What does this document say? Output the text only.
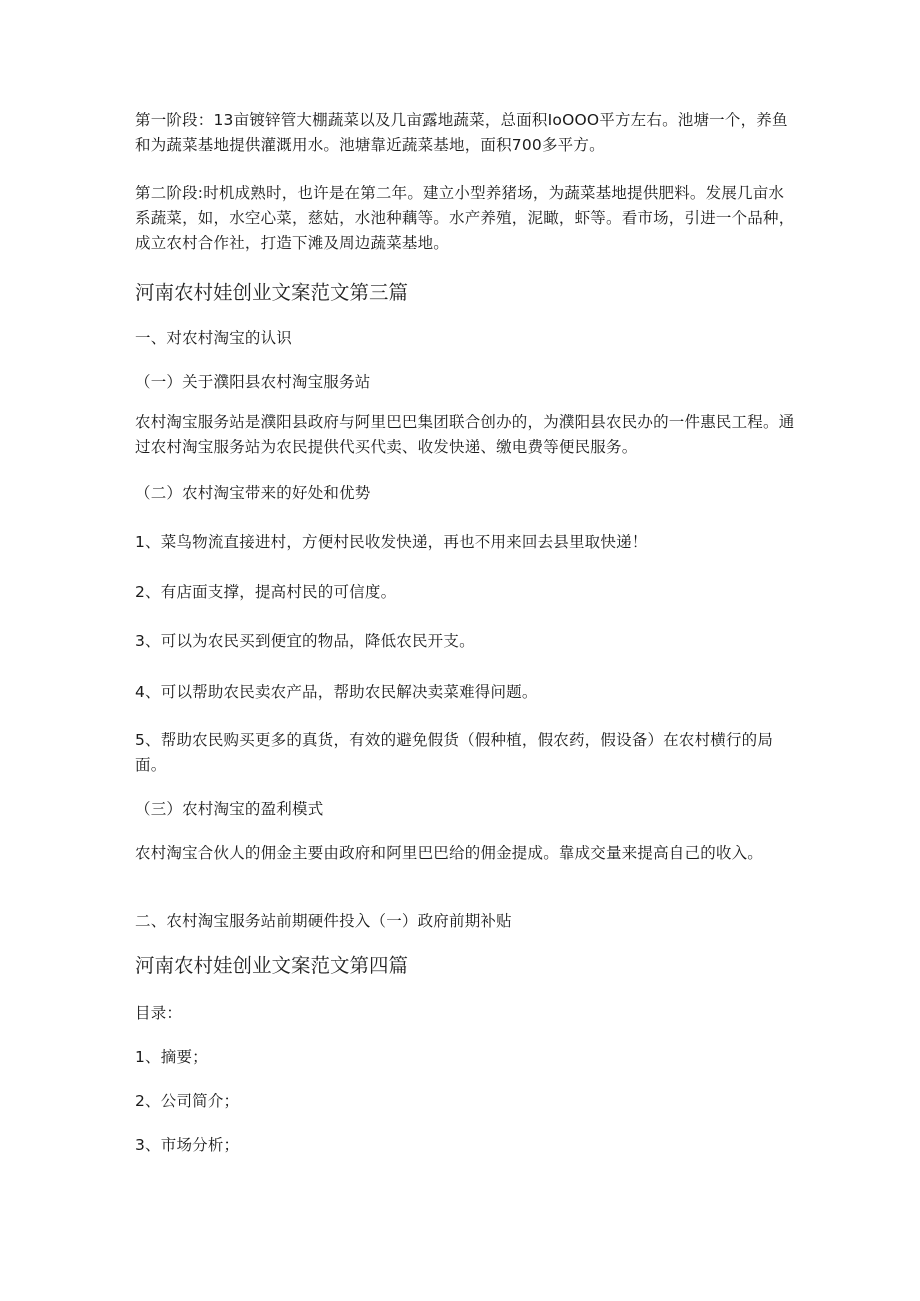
第一阶段：13亩镀锌管大棚蔬菜以及几亩露地蔬菜，总面积IoOOO平方左右。池塘一个，养鱼和为蔬菜基地提供灌溉用水。池塘靠近蔬菜基地，面积700多平方。

第二阶段:时机成熟时，也许是在第二年。建立小型养猪场，为蔬菜基地提供肥料。发展几亩水系蔬菜，如，水空心菜，慈姑，水池种藕等。水产养殖，泥瞰，虾等。看市场，引进一个品种，成立农村合作社，打造下滩及周边蔬菜基地。

河南农村娃创业文案范文第三篇

一、对农村淘宝的认识

（一）关于濮阳县农村淘宝服务站

农村淘宝服务站是濮阳县政府与阿里巴巴集团联合创办的，为濮阳县农民办的一件惠民工程。通过农村淘宝服务站为农民提供代买代卖、收发快递、缴电费等便民服务。

（二）农村淘宝带来的好处和优势

1、菜鸟物流直接进村，方便村民收发快递，再也不用来回去县里取快递！

2、有店面支撑，提高村民的可信度。

3、可以为农民买到便宜的物品，降低农民开支。

4、可以帮助农民卖农产品，帮助农民解决卖菜难得问题。

5、帮助农民购买更多的真货，有效的避免假货（假种植，假农药，假设备）在农村横行的局面。

（三）农村淘宝的盈利模式

农村淘宝合伙人的佣金主要由政府和阿里巴巴给的佣金提成。靠成交量来提高自己的收入。

二、农村淘宝服务站前期硬件投入（一）政府前期补贴

河南农村娃创业文案范文第四篇

目录：

1、摘要；

2、公司简介；

3、市场分析；
